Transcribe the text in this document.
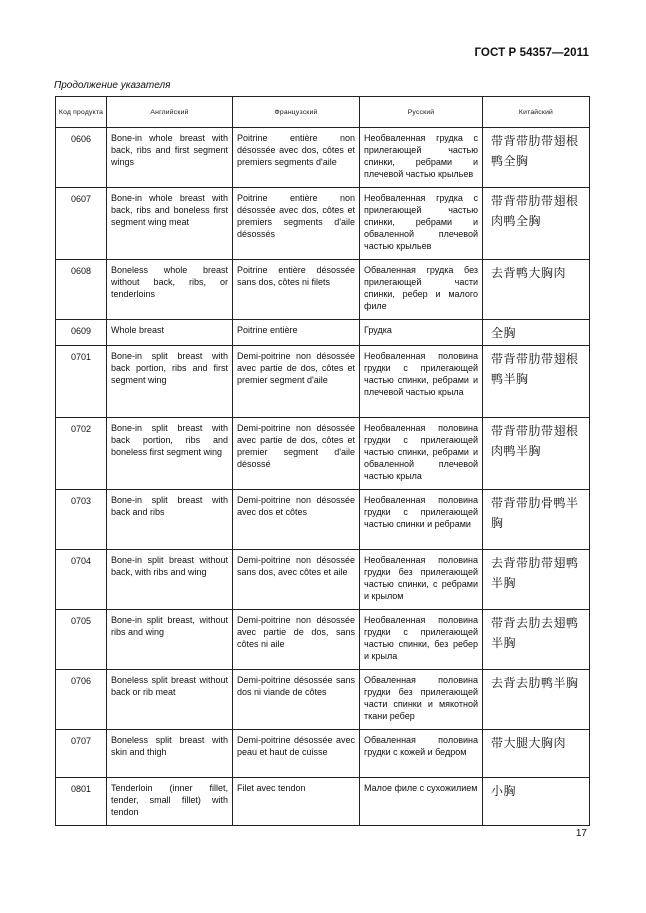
ГОСТ Р 54357—2011
Продолжение указателя
Код продукта	Английский	Французский	Русский	Китайский
0606	Bone-in whole breast with back, ribs and first segment wings	Poitrine entière non désossée avec dos, côtes et premiers segments d'aile	Необваленная грудка с прилегающей частью спинки, ребрами и плечевой частью крыльев	带背带肋带翅根鸭全胸
0607	Bone-in whole breast with back, ribs and boneless first segment wing meat	Poitrine entière non désossée avec dos, côtes et premiers segments d'aile désossés	Необваленная грудка с прилегающей частью спинки, ребрами и обваленной плечевой частью крыльев	带背带肋带翅根肉鸭全胸
0608	Boneless whole breast without back, ribs, or tenderloins	Poitrine entière désossée sans dos, côtes ni filets	Обваленная грудка без прилегающей части спинки, ребер и малого филе	去背鸭大胸肉
0609	Whole breast	Poitrine entière	Грудка	全胸
0701	Bone-in split breast with back portion, ribs and first segment wing	Demi-poitrine non désossée avec partie de dos, côtes et premier segment d'aile	Необваленная половина грудки с прилегающей частью спинки, ребрами и плечевой частью крыла	带背带肋带翅根鸭半胸
0702	Bone-in split breast with back portion, ribs and boneless first segment wing	Demi-poitrine non désossée avec partie de dos, côtes et premier segment d'aile désossé	Необваленная половина грудки с прилегающей частью спинки, ребрами и обваленной плечевой частью крыла	带背带肋带翅根肉鸭半胸
0703	Bone-in split breast with back and ribs	Demi-poitrine non désossée avec dos et côtes	Необваленная половина грудки с прилегающей частью спинки и ребрами	带背带肋骨鸭半胸
0704	Bone-in split breast without back, with ribs and wing	Demi-poitrine non désossée sans dos, avec côtes et aile	Необваленная половина грудки без прилегающей частью спинки, с ребрами и крылом	去背带肋带翅鸭半胸
0705	Bone-in split breast, without ribs and wing	Demi-poitrine non désossée avec partie de dos, sans côtes ni aile	Необваленная половина грудки с прилегающей частью спинки, без ребер и крыла	带背去肋去翅鸭半胸
0706	Boneless split breast without back or rib meat	Demi-poitrine désossée sans dos ni viande de côtes	Обваленная половина грудки без прилегающей части спинки и мякотной ткани ребер	去背去肋鸭半胸
0707	Boneless split breast with skin and thigh	Demi-poitrine désossée avec peau et haut de cuisse	Обваленная половина грудки с кожей и бедром	带大腿大胸肉
0801	Tenderloin (inner fillet, tender, small fillet) with tendon	Filet avec tendon	Малое филе с сухожилием	小胸
17
